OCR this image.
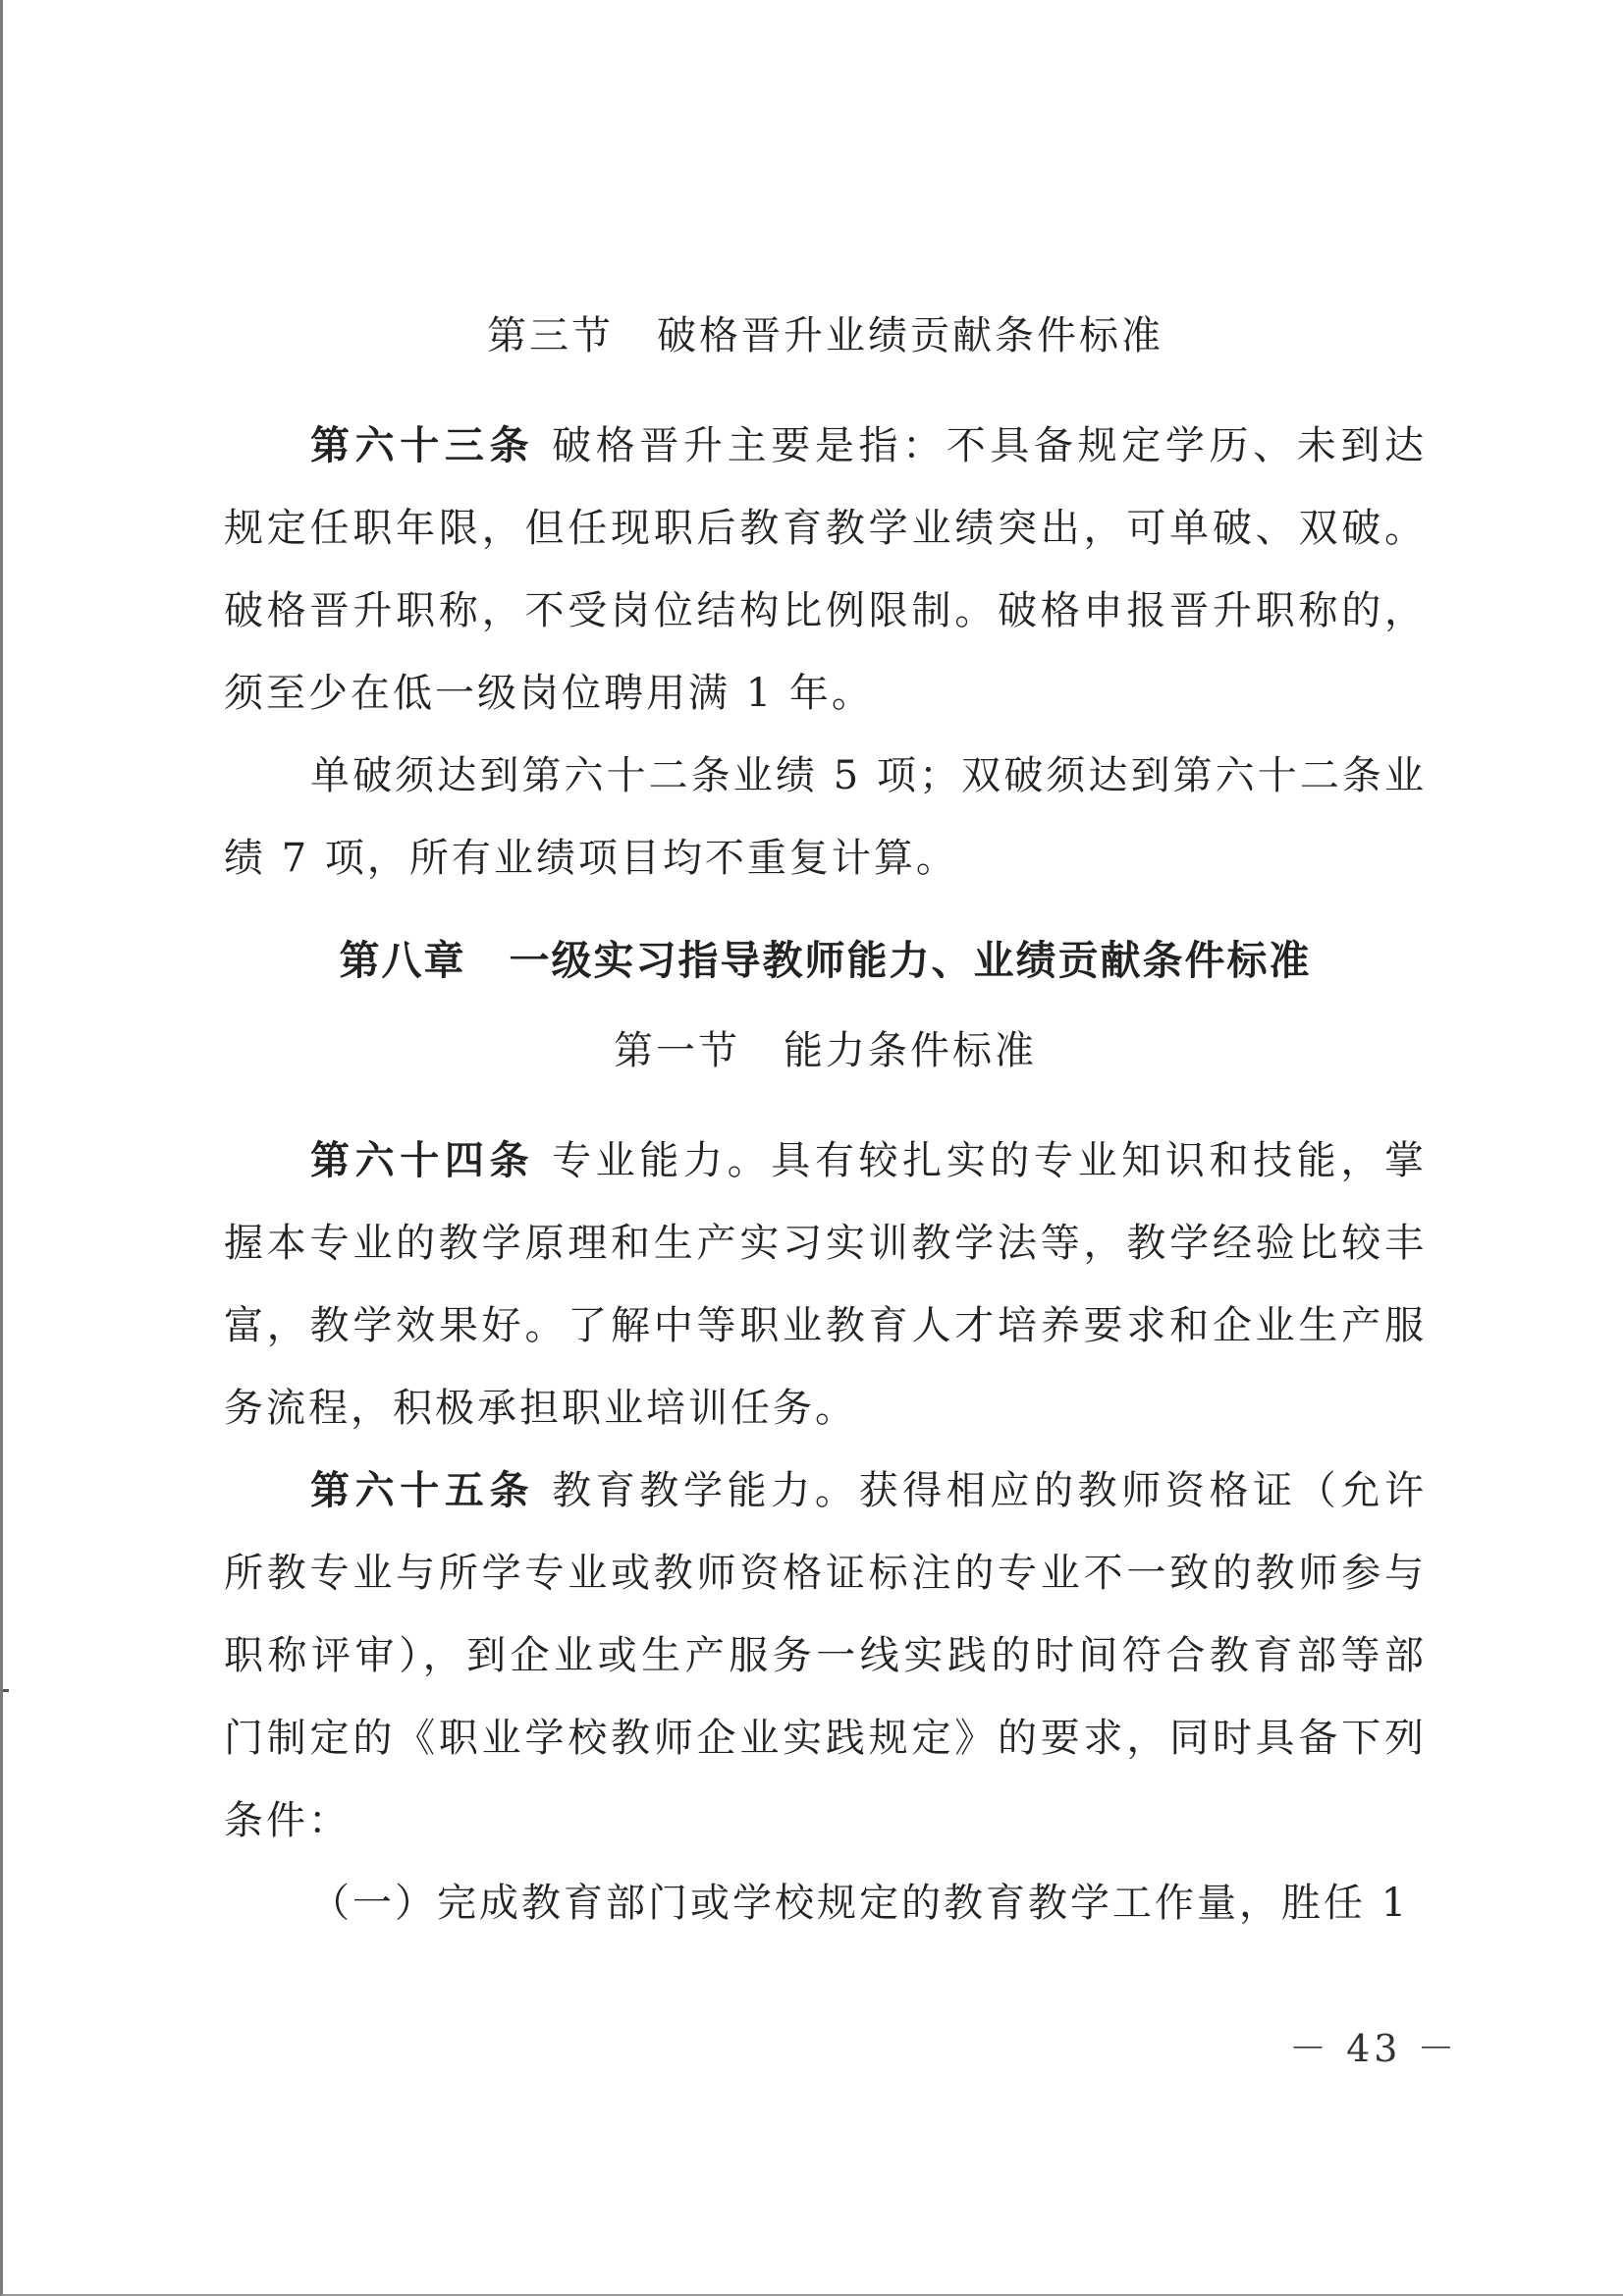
第三节 破格晋升业绩贡献条件标准

第六十三条 破格晋升主要是指：不具备规定学历、未到达规定任职年限，但任现职后教育教学业绩突出，可单破、双破。破格晋升职称，不受岗位结构比例限制。破格申报晋升职称的，须至少在低一级岗位聘用满 1 年。

单破须达到第六十二条业绩 5 项；双破须达到第六十二条业绩 7 项，所有业绩项目均不重复计算。

第八章 一级实习指导教师能力、业绩贡献条件标准
第一节 能力条件标准

第六十四条 专业能力。具有较扎实的专业知识和技能，掌握本专业的教学原理和生产实习实训教学法等，教学经验比较丰富，教学效果好。了解中等职业教育人才培养要求和企业生产服务流程，积极承担职业培训任务。

第六十五条 教育教学能力。获得相应的教师资格证（允许所教专业与所学专业或教师资格证标注的专业不一致的教师参与职称评审），到企业或生产服务一线实践的时间符合教育部等部门制定的《职业学校教师企业实践规定》的要求，同时具备下列条件：

（一）完成教育部门或学校规定的教育教学工作量，胜任 1

－ 43 －
